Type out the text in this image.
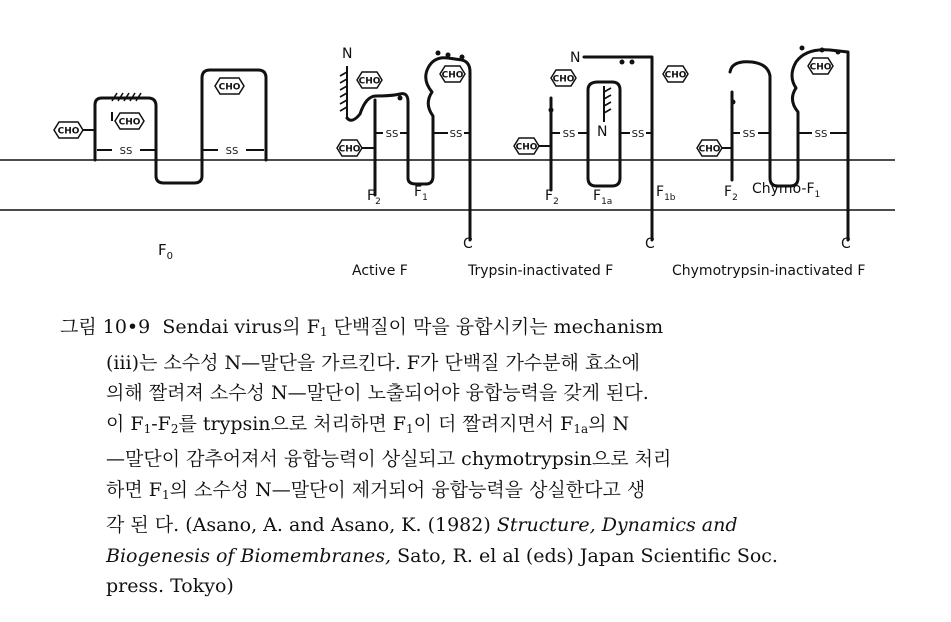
CHO
CHO
CHO
SS	SS
$F_0$
N
CHO
SS	SS
CHO
CHO
$F_2$
$F_1$
C
Active F
N
N
CHO	CHO
CHO
SS	SS
$F_2$ $F_{1a}$
$F_{1b}$
C
Trypsin-inactivated F
CHO
CHO
SS	SS
$F_2$
Chymo-$F_1$
C
Chymotrypsin-inactivated F

그림 10•9 Sendai virus의 $F_1$ 단백질이 막을 융합시키는 mechanism

(ⅲ)는 소수성 N—말단을 가르킨다. F가 단백질 가수분해 효소에

의해 짤려져 소수성 N—말단이 노출되어야 융합능력을 갖게 된다.

이 $F_1-F_2$를 trypsin으로 처리하면 $F_1$이 더 짤려지면서 $F_{1a}$의 N

—말단이 감추어져서 융합능력이 상실되고 chymotrypsin으로 처리

하면 $F_1$의 소수성 N—말단이 제거되어 융합능력을 상실한다고 생

각 된 다. (Asano, A. and Asano, K. (1982) Structure, Dynamics and

Biogenesis of Biomembranes, Sato, R. el al (eds) Japan Scientific Soc.

press. Tokyo)
